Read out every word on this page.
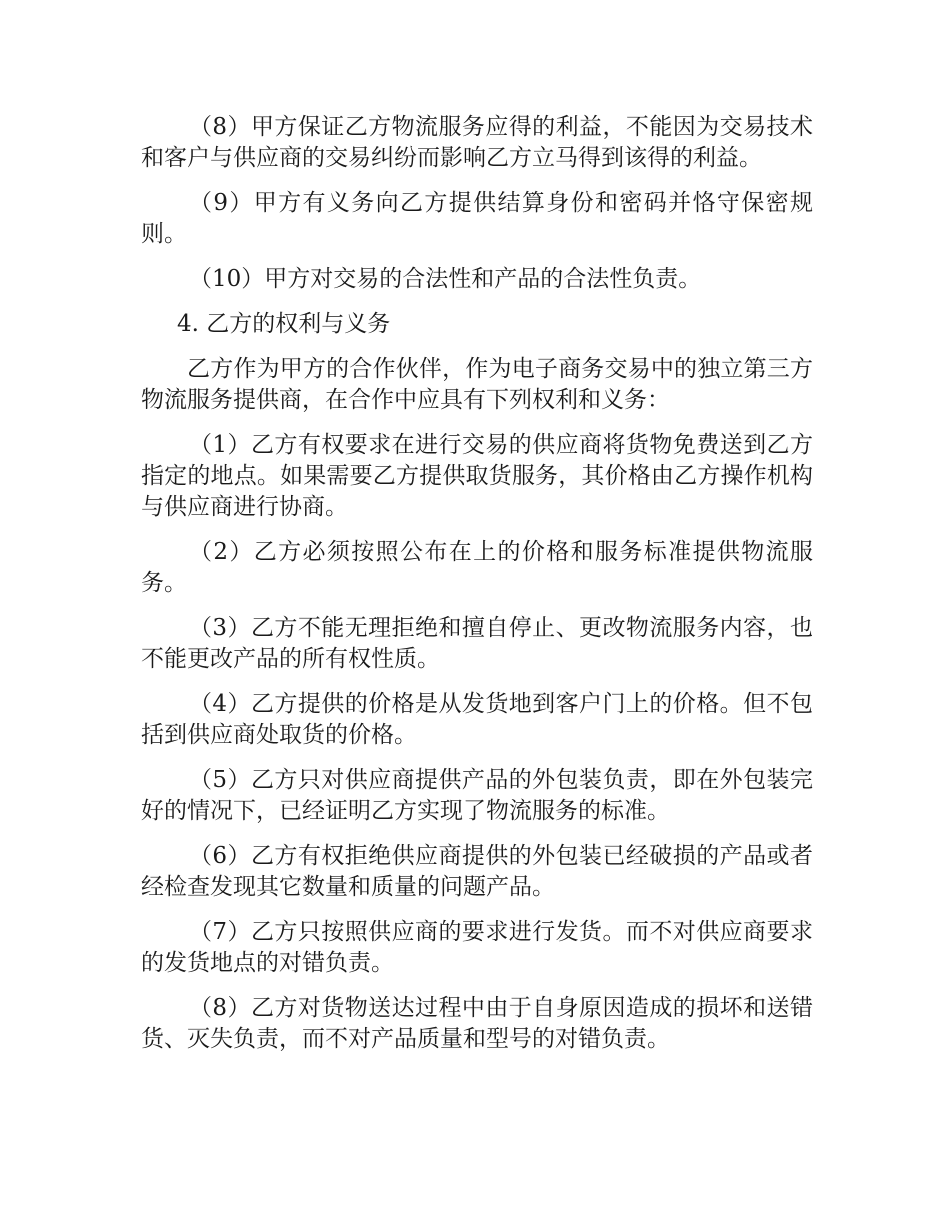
（8）甲方保证乙方物流服务应得的利益，不能因为交易技术和客户与供应商的交易纠纷而影响乙方立马得到该得的利益。

（9）甲方有义务向乙方提供结算身份和密码并恪守保密规则。

（10）甲方对交易的合法性和产品的合法性负责。

4. 乙方的权利与义务

乙方作为甲方的合作伙伴，作为电子商务交易中的独立第三方物流服务提供商，在合作中应具有下列权利和义务：

（1）乙方有权要求在进行交易的供应商将货物免费送到乙方指定的地点。如果需要乙方提供取货服务，其价格由乙方操作机构与供应商进行协商。

（2）乙方必须按照公布在上的价格和服务标准提供物流服务。

（3）乙方不能无理拒绝和擅自停止、更改物流服务内容，也不能更改产品的所有权性质。

（4）乙方提供的价格是从发货地到客户门上的价格。但不包括到供应商处取货的价格。

（5）乙方只对供应商提供产品的外包装负责，即在外包装完好的情况下，已经证明乙方实现了物流服务的标准。

（6）乙方有权拒绝供应商提供的外包装已经破损的产品或者经检查发现其它数量和质量的问题产品。

（7）乙方只按照供应商的要求进行发货。而不对供应商要求的发货地点的对错负责。

（8）乙方对货物送达过程中由于自身原因造成的损坏和送错货、灭失负责，而不对产品质量和型号的对错负责。
